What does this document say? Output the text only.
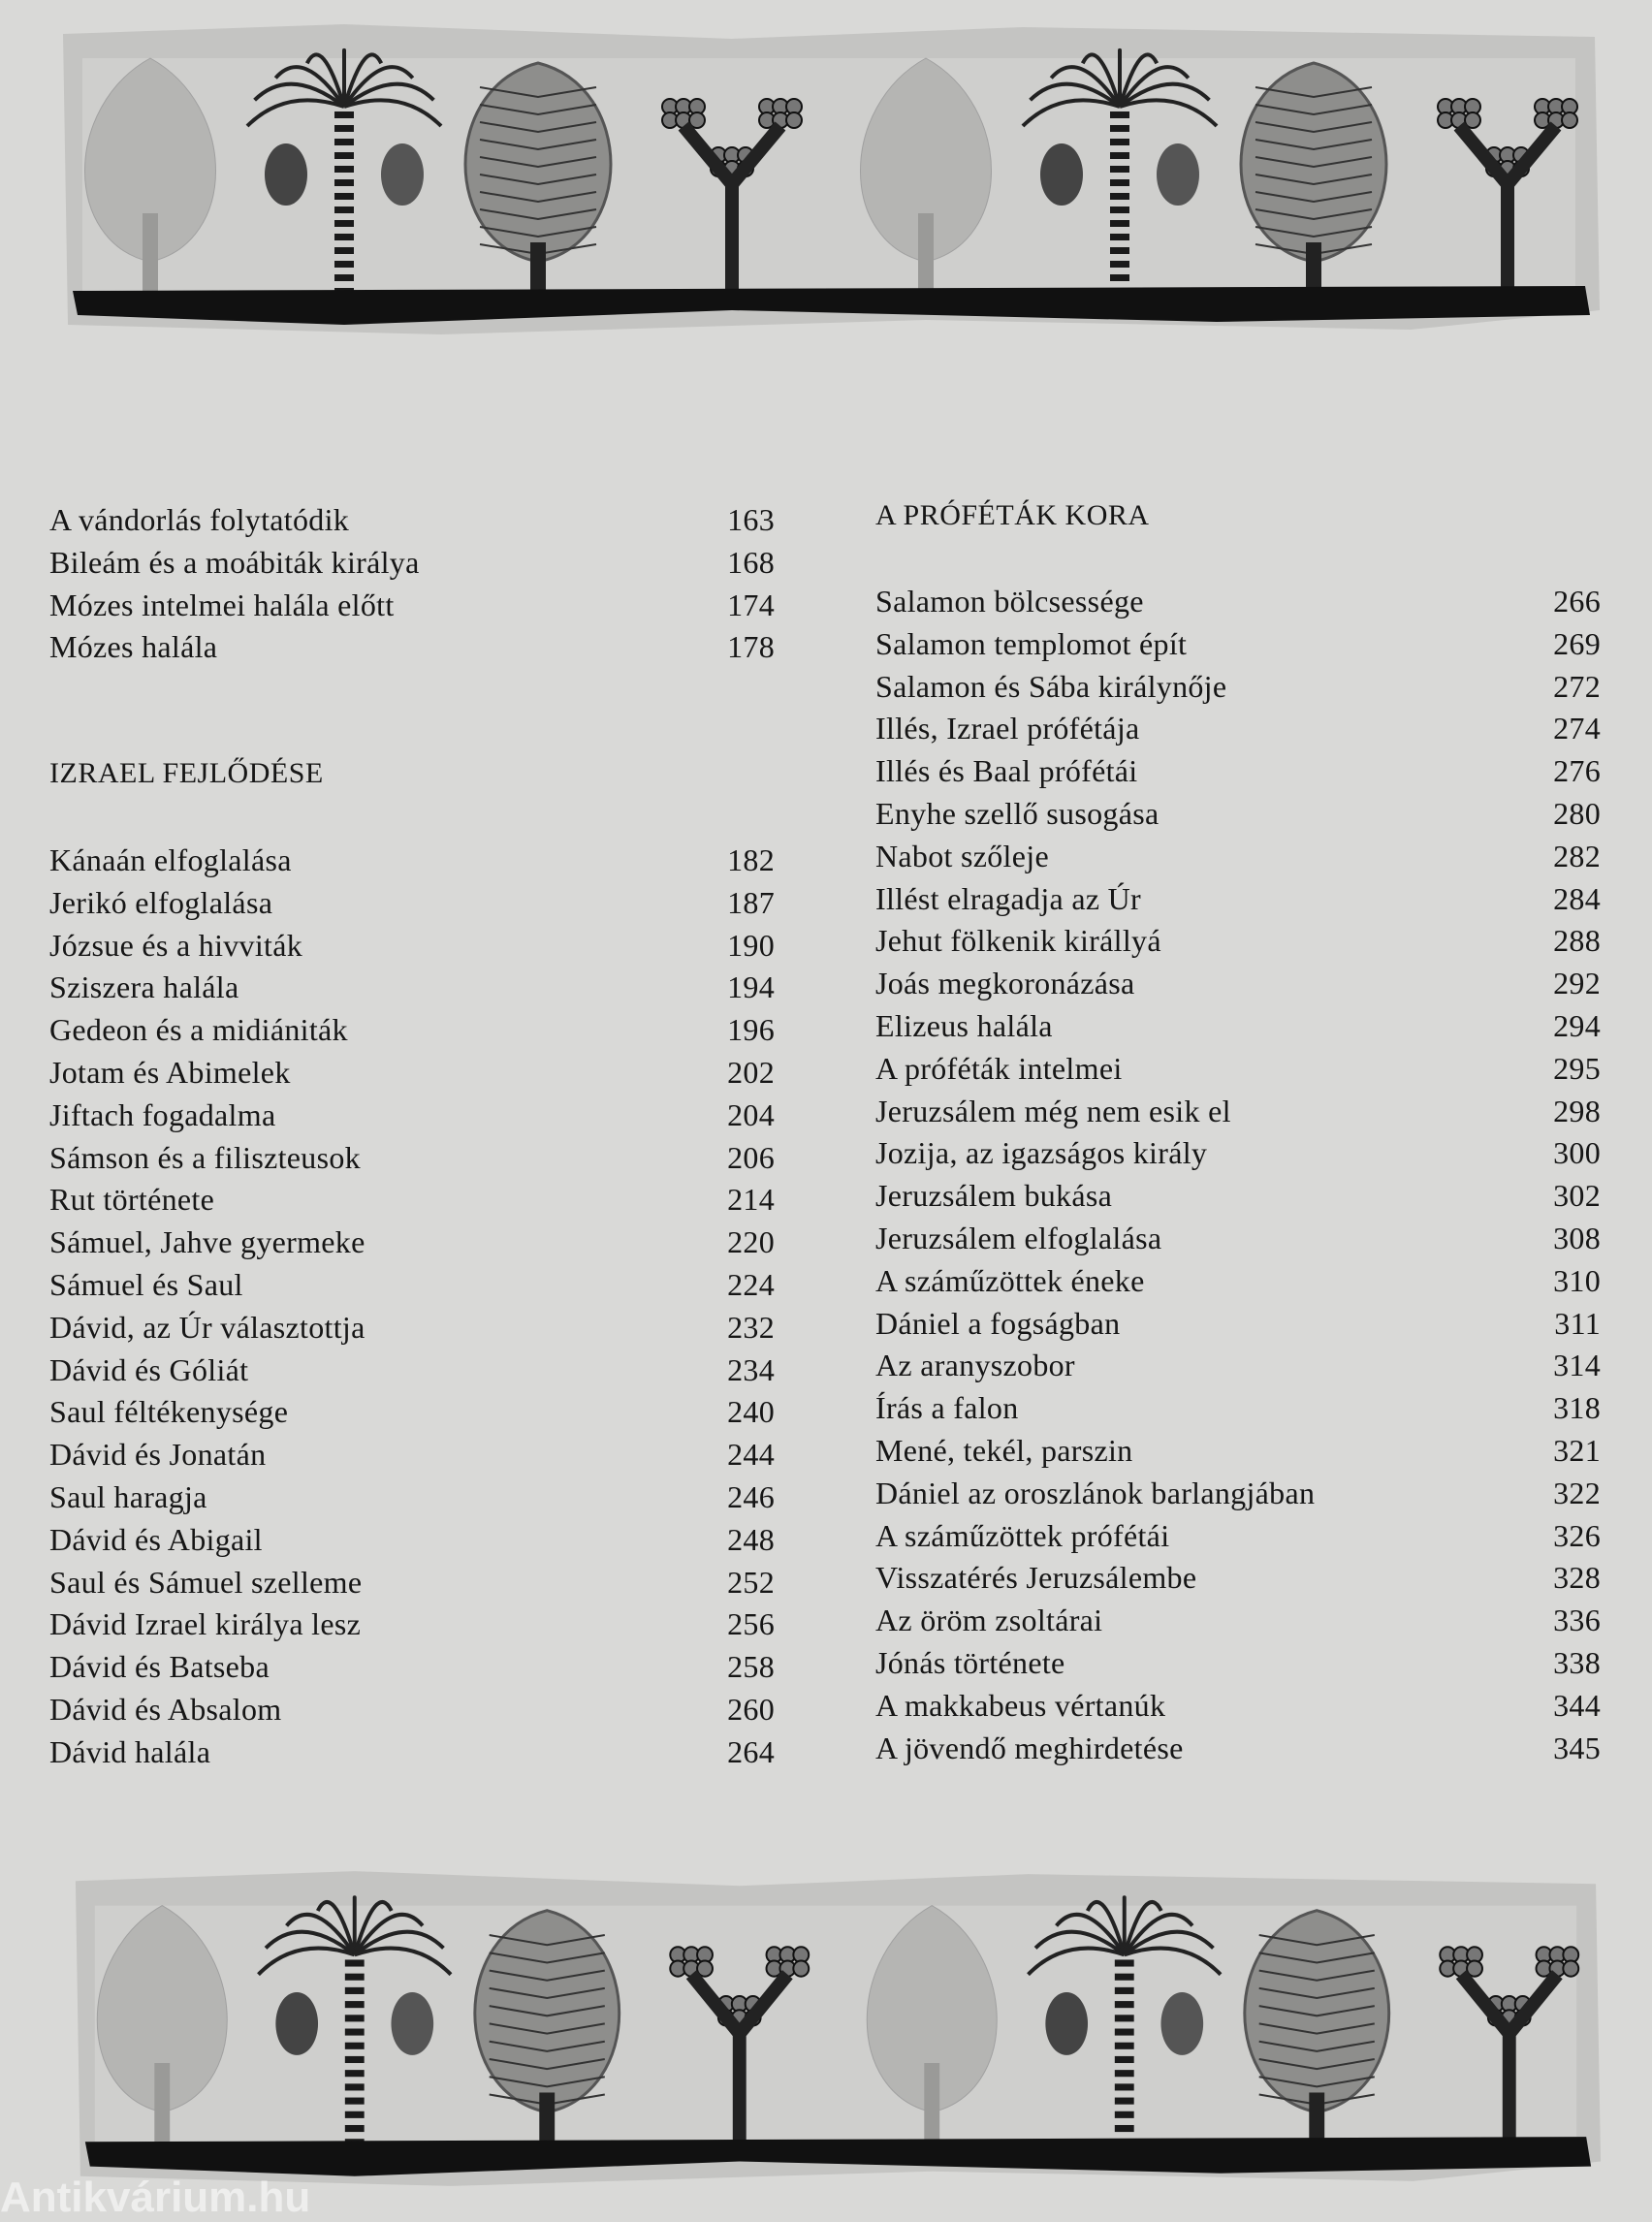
A vándorlás folytatódik	163
Bileám és a moábiták királya	168
Mózes intelmei halála előtt	174
Mózes halála	178
IZRAEL FEJLŐDÉSE
Kánaán elfoglalása	182
Jerikó elfoglalása	187
Józsue és a hivviták	190
Sziszera halála	194
Gedeon és a midiániták	196
Jotam és Abimelek	202
Jiftach fogadalma	204
Sámson és a filiszteusok	206
Rut története	214
Sámuel, Jahve gyermeke	220
Sámuel és Saul	224
Dávid, az Úr választottja	232
Dávid és Góliát	234
Saul féltékenysége	240
Dávid és Jonatán	244
Saul haragja	246
Dávid és Abigail	248
Saul és Sámuel szelleme	252
Dávid Izrael királya lesz	256
Dávid és Batseba	258
Dávid és Absalom	260
Dávid halála	264
A PRÓFÉTÁK KORA
Salamon bölcsessége	266
Salamon templomot épít	269
Salamon és Sába királynője	272
Illés, Izrael prófétája	274
Illés és Baal prófétái	276
Enyhe szellő susogása	280
Nabot szőleje	282
Illést elragadja az Úr	284
Jehut fölkenik királlyá	288
Joás megkoronázása	292
Elizeus halála	294
A próféták intelmei	295
Jeruzsálem még nem esik el	298
Jozija, az igazságos király	300
Jeruzsálem bukása	302
Jeruzsálem elfoglalása	308
A száműzöttek éneke	310
Dániel a fogságban	311
Az aranyszobor	314
Írás a falon	318
Mené, tekél, parszin	321
Dániel az oroszlánok barlangjában	322
A száműzöttek prófétái	326
Visszatérés Jeruzsálembe	328
Az öröm zsoltárai	336
Jónás története	338
A makkabeus vértanúk	344
A jövendő meghirdetése	345
Antikvárium.hu
